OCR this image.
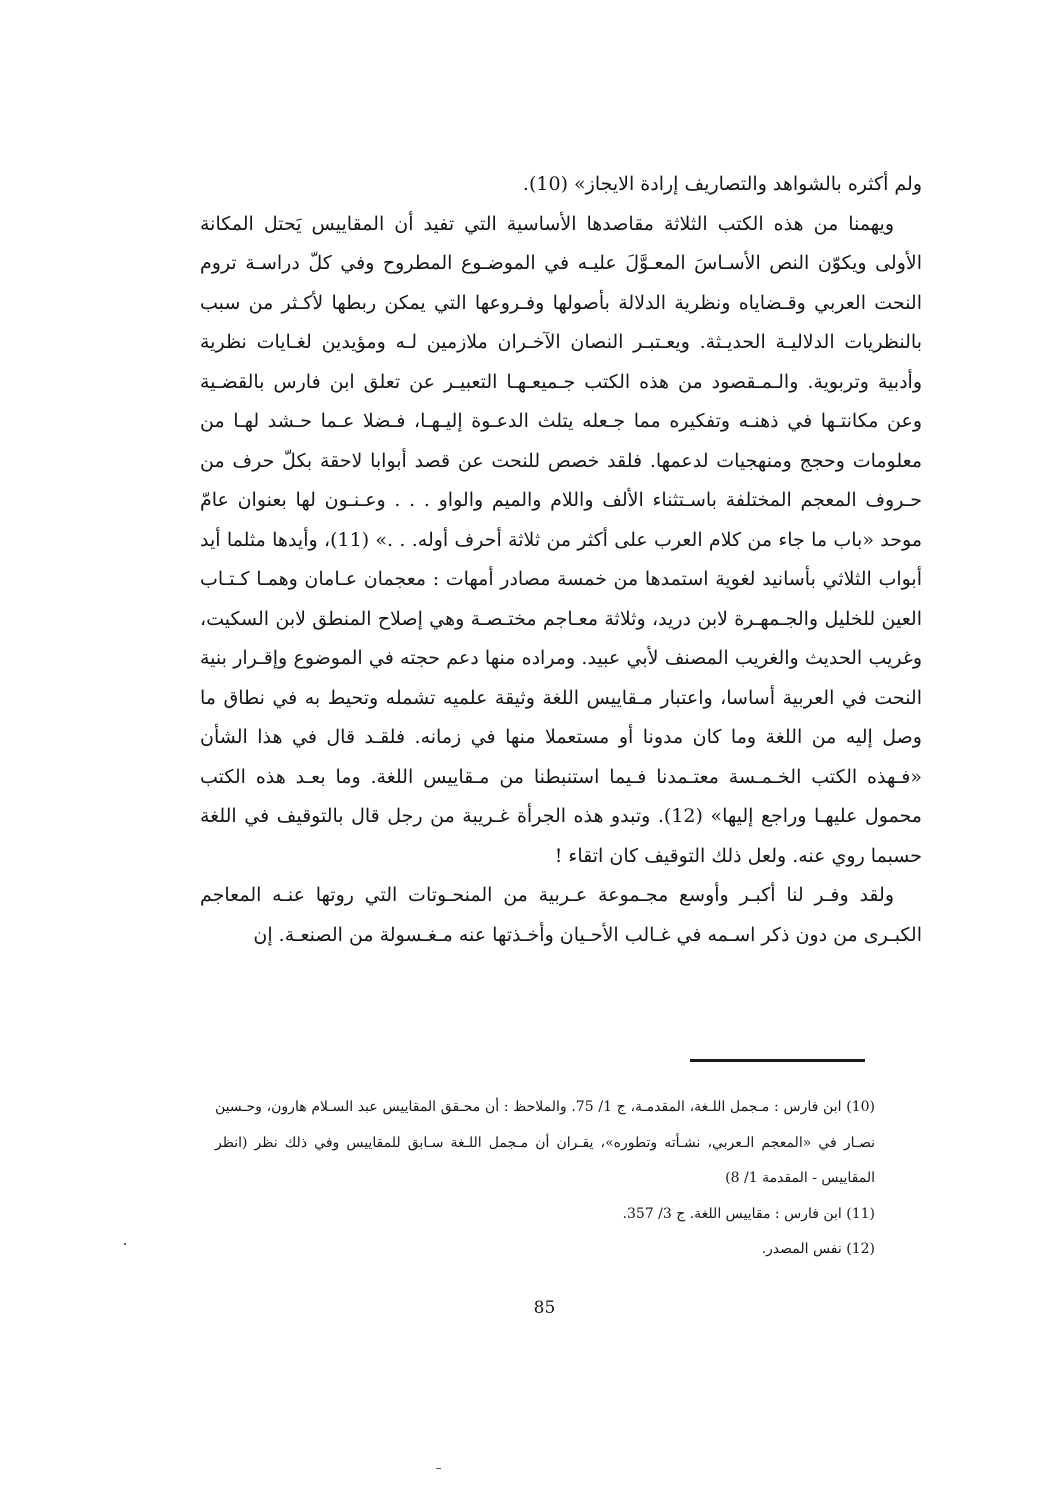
ولم أكثره بالشواهد والتصاريف إرادة الايجاز» (10).

ويهمنا من هذه الكتب الثلاثة مقاصدها الأساسية التي تفيد أن المقاييس يَحتل المكانة الأولى ويكوّن النص الأسـاسَ المعـوَّلَ عليـه في الموضـوع المطروح وفي كلّ دراسـة تروم النحت العربي وقـضاياه ونظرية الدلالة بأصولها وفـروعها التي يمكن ربطها لأكـثر من سبب بالنظريات الدلاليـة الحديـثة. ويعـتبـر النصان الآخـران ملازمين لـه ومؤيدين لغـايات نظرية وأدبية وتربوية. والـمـقصود من هذه الكتب جـميعـهـا التعبيـر عن تعلق ابن فارس بالقضـية وعن مكانتـها في ذهنـه وتفكيره مما جـعله يتلث الدعـوة إليـهـا، فـضلا عـما حـشد لهـا من معلومات وحجج ومنهجيات لدعمها. فلقد خصص للنحت عن قصد أبوابا لاحقة بكلّ حرف من حـروف المعجم المختلفة باسـتثناء الألف واللام والميم والواو . . . وعـنـون لها بعنوان عامّ موحد «باب ما جاء من كلام العرب على أكثر من ثلاثة أحرف أوله. . .» (11)، وأيدها مثلما أيد أبواب الثلاثي بأسانيد لغوية استمدها من خمسة مصادر أمهات : معجمان عـامان وهمـا كـتـاب العين للخليل والجـمهـرة لابن دريد، وثلاثة معـاجم مختـصـة وهي إصلاح المنطق لابن السكيت، وغريب الحديث والغريب المصنف لأبي عبيد. ومراده منها دعم حجته في الموضوع وإقـرار بنية النحت في العربية أساسا، واعتبار مـقاييس اللغة وثيقة علميه تشمله وتحيط به في نطاق ما وصل إليه من اللغة وما كان مدونا أو مستعملا منها في زمانه. فلقـد قال في هذا الشأن «فـهذه الكتب الخـمـسة معتـمدنا فـيما استنبطنا من مـقاييس اللغة. وما بعـد هذه الكتب محمول عليهـا وراجع إليها» (12). وتبدو هذه الجرأة غـريبة من رجل قال بالتوقيف في اللغة حسبما روي عنه. ولعل ذلك التوقيف كان اتقاء !

ولقد وفـر لنا أكبـر وأوسع مجـموعة عـربية من المنحـوتات التي روتها عنـه المعاجم الكبـرى من دون ذكر اسـمه في غـالب الأحـيان وأخـذتها عنه مـغـسولة من الصنعـة. إن

(10) ابن فارس : مـجمل اللـغة، المقدمـة، ج 1/ 75. والملاحظ : أن محـقق المقاييس عبد السـلام هارون، وحـسين نصـار في «المعجم الـعربي، نشـأته وتطوره»، يقـران أن مـجمل اللـغة سـابق للمقاييس وفي ذلك نظر (انظر المقاييس - المقدمة 1/ 8)

(11) ابن فارس : مقاييس اللغة. ج 3/ 357.

(12) نفس المصدر.

85
